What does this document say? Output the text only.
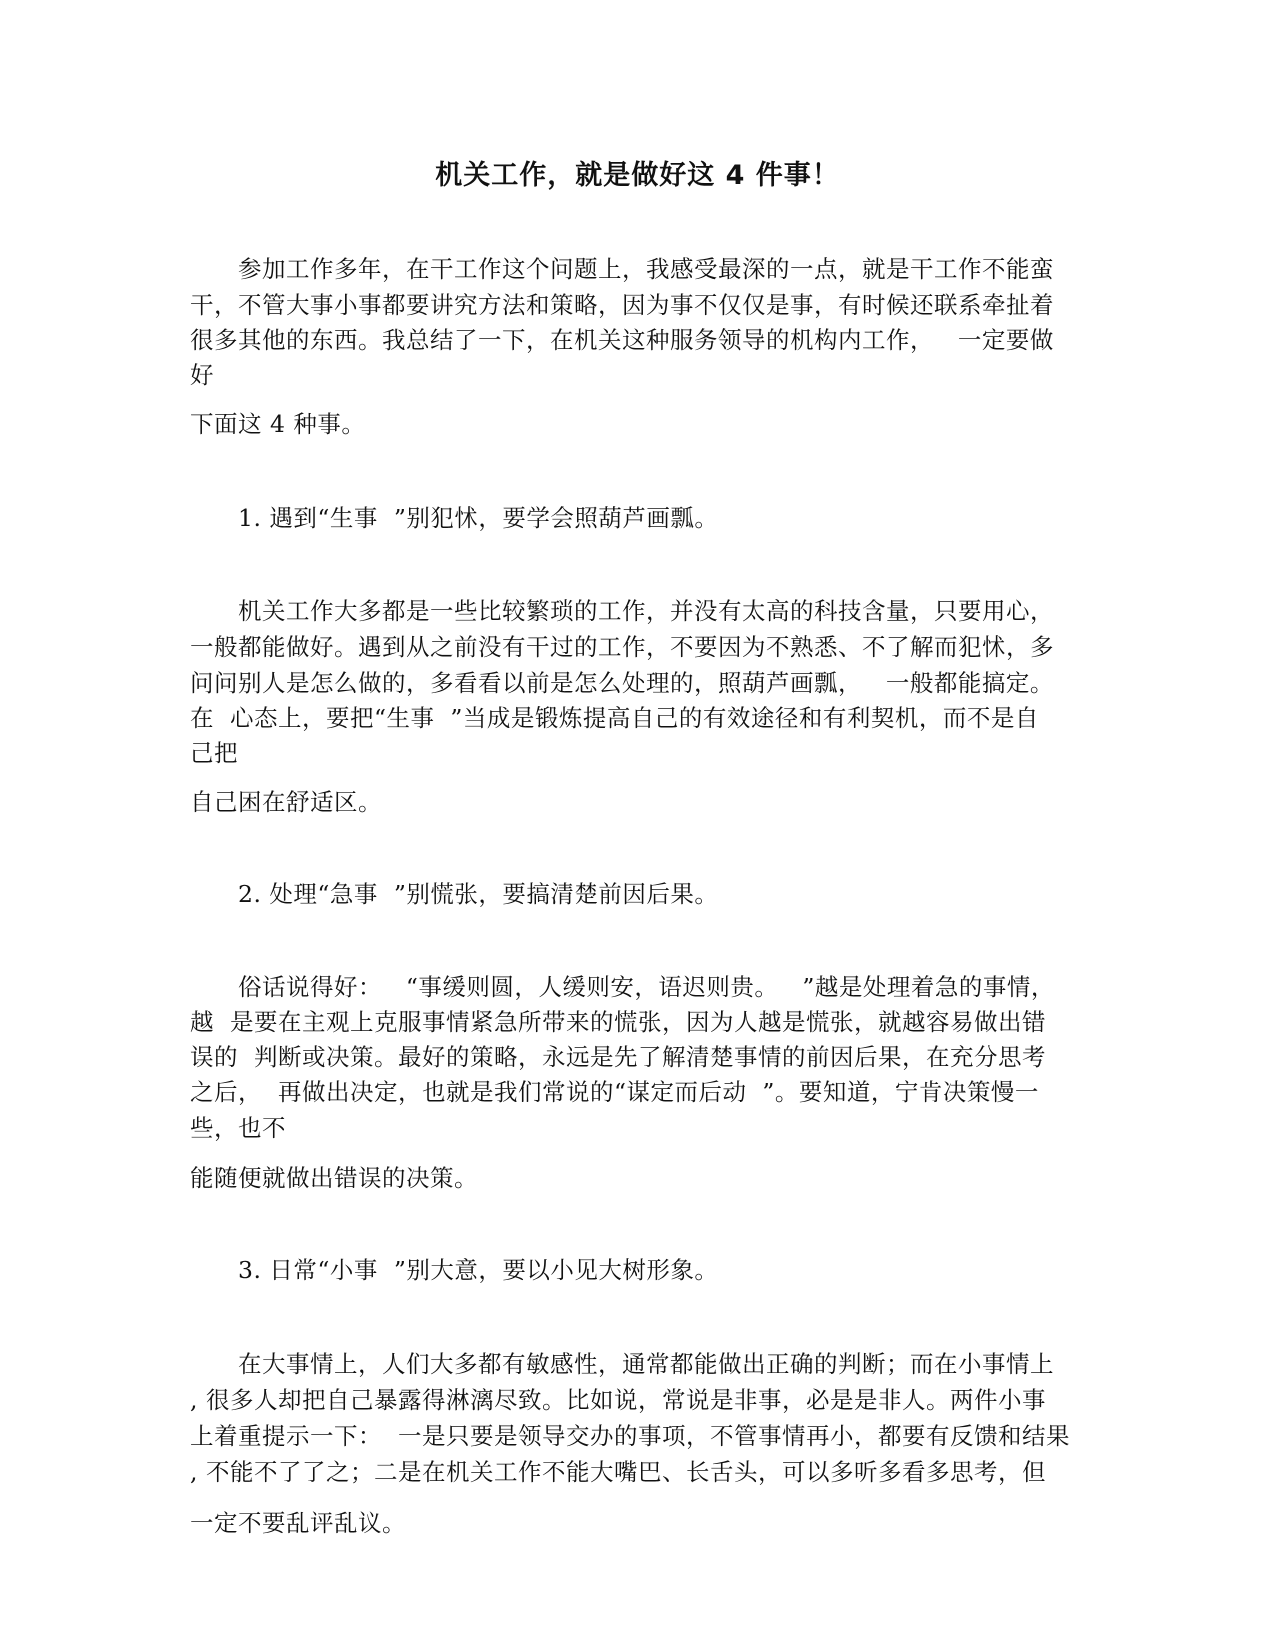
机关工作，就是做好这 4 件事！
参加工作多年，在干工作这个问题上，我感受最深的一点，就是干工作不能蛮
干，不管大事小事都要讲究方法和策略，因为事不仅仅是事，有时候还联系牵扯着
很多其他的东西。我总结了一下，在机关这种服务领导的机构内工作，   一定要做
好
下面这 4 种事。
1. 遇到“生事  ”别犯怵，要学会照葫芦画瓢。
机关工作大多都是一些比较繁琐的工作，并没有太高的科技含量，只要用心，
一般都能做好。遇到从之前没有干过的工作，不要因为不熟悉、不了解而犯怵，多
问问别人是怎么做的，多看看以前是怎么处理的，照葫芦画瓢，   一般都能搞定。
在  心态上，要把“生事  ”当成是锻炼提高自己的有效途径和有利契机，而不是自
己把
自己困在舒适区。
2. 处理“急事  ”别慌张，要搞清楚前因后果。
俗话说得好：   “事缓则圆，人缓则安，语迟则贵。   ”越是处理着急的事情，
越  是要在主观上克服事情紧急所带来的慌张，因为人越是慌张，就越容易做出错
误的  判断或决策。最好的策略，永远是先了解清楚事情的前因后果，在充分思考
之后，  再做出决定，也就是我们常说的“谋定而后动  ”。要知道，宁肯决策慢一
些，也不
能随便就做出错误的决策。
3. 日常“小事  ”别大意，要以小见大树形象。
在大事情上，人们大多都有敏感性，通常都能做出正确的判断；而在小事情上
, 很多人却把自己暴露得淋漓尽致。比如说，常说是非事，必是是非人。两件小事
上着重提示一下：  一是只要是领导交办的事项，不管事情再小，都要有反馈和结果
, 不能不了了之；二是在机关工作不能大嘴巴、长舌头，可以多听多看多思考，但
一定不要乱评乱议。
